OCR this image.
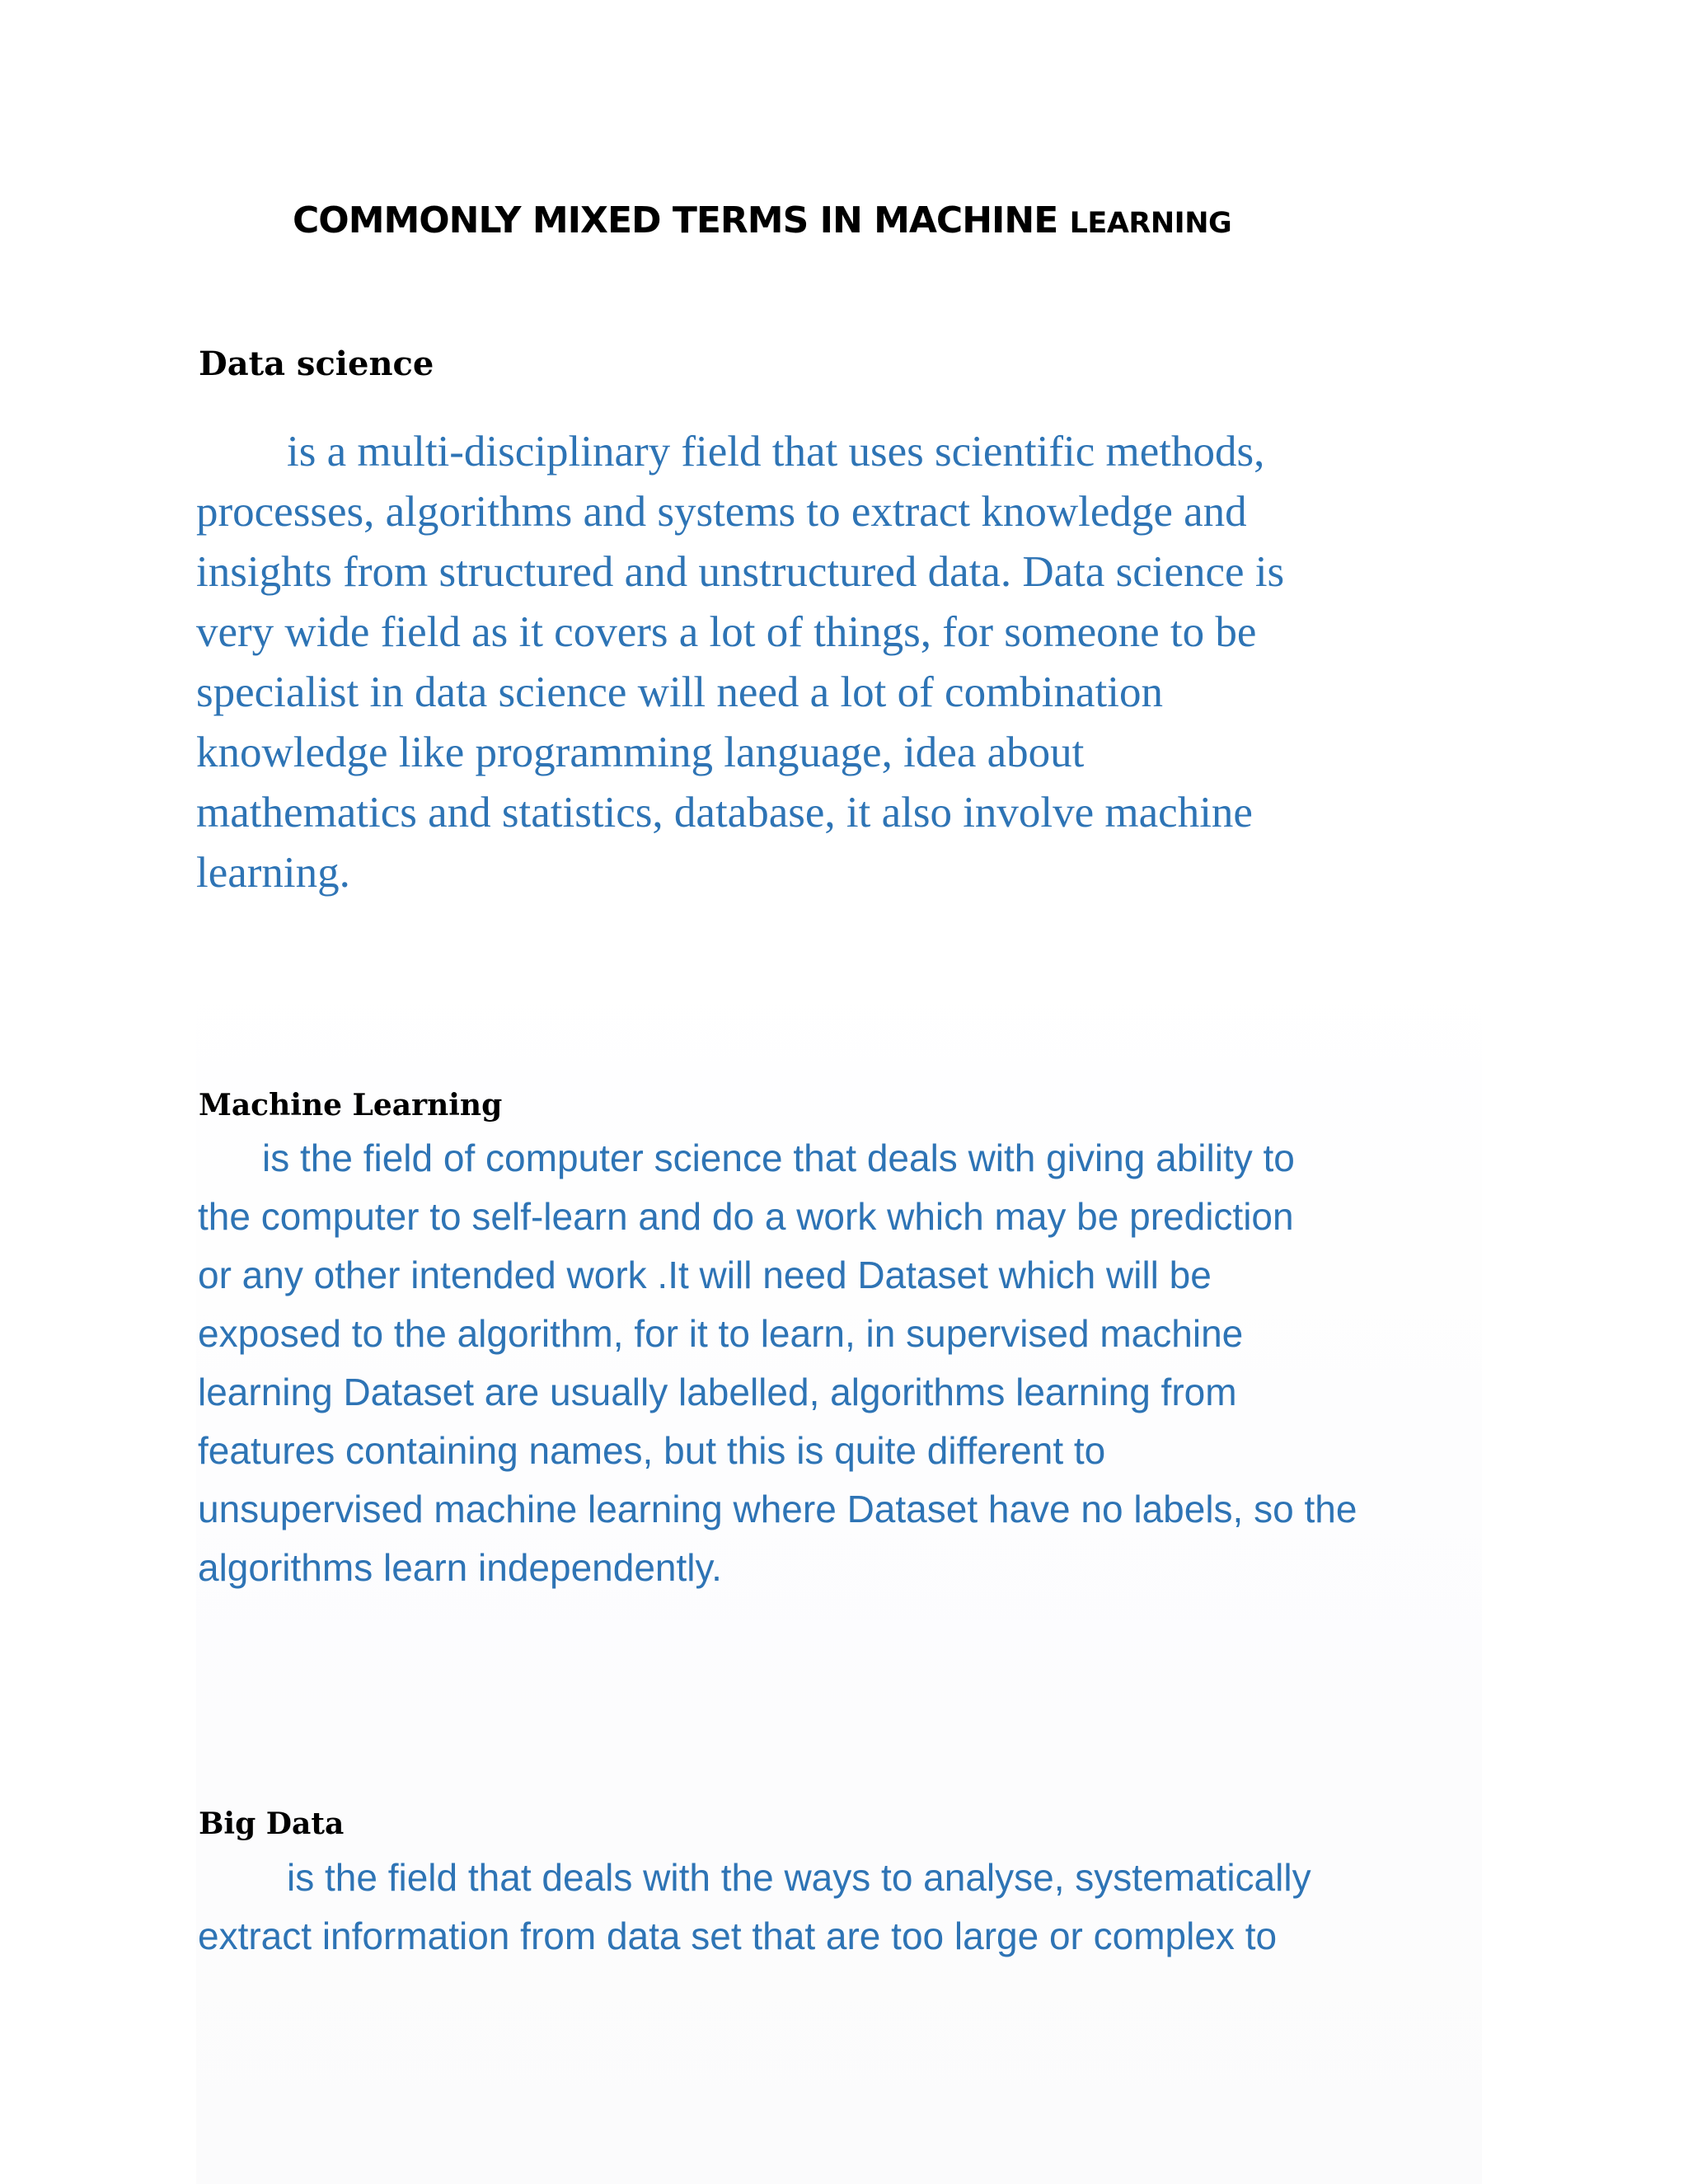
COMMONLY MIXED TERMS IN MACHINE LEARNING
Data science
is a multi-disciplinary field that uses scientific methods,
processes, algorithms and systems to extract knowledge and
insights from structured and unstructured data. Data science is
very wide field as it covers a lot of things, for someone to be
specialist in data science will need a lot of combination
knowledge like programming language, idea about
mathematics and statistics, database, it also involve machine
learning.
Machine Learning
is the field of computer science that deals with giving ability to
the computer to self-learn and do a work which may be prediction
or any other intended work .It will need Dataset which will be
exposed to the algorithm, for it to learn, in supervised machine
learning Dataset are usually labelled, algorithms learning from
features containing names, but this is quite different to
unsupervised machine learning where Dataset have no labels, so the
algorithms learn independently.
Big Data
is the field that deals with the ways to analyse, systematically
extract information from data set that are too large or complex to
